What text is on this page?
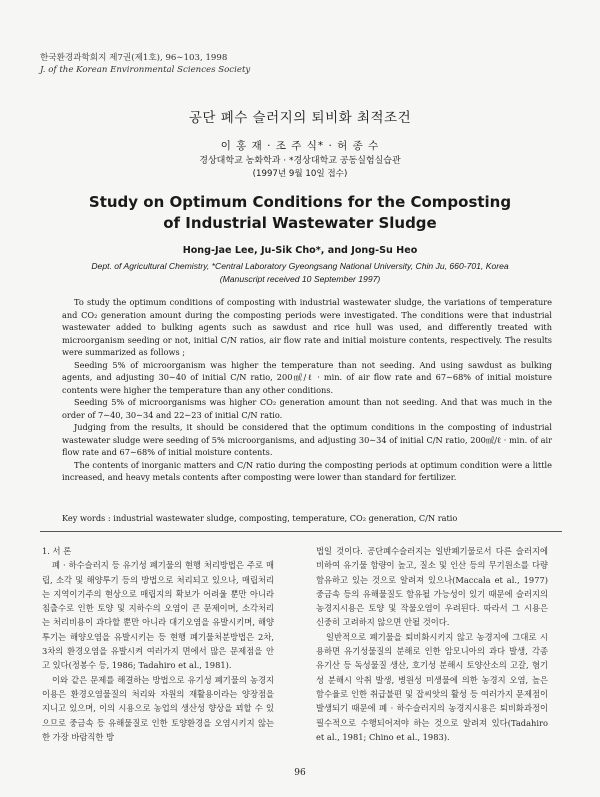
한국환경과학회지 제7권(제1호), 96∼103, 1998
J. of the Korean Environmental Sciences Society
공단 폐수 슬러지의 퇴비화 최적조건
이 홍 재 · 조 주 식* · 허 종 수
경상대학교 농화학과 · *경상대학교 공동실험실습관
(1997년 9월 10일 접수)
Study on Optimum Conditions for the Composting
of Industrial Wastewater Sludge
Hong-Jae Lee, Ju-Sik Cho*, and Jong-Su Heo
Dept. of Agricultural Chemistry, *Central Laboratory Gyeongsang National University, Chin Ju, 660-701, Korea
(Manuscript received 10 September 1997)

To study the optimum conditions of composting with industrial wastewater sludge, the variations of temperature and CO₂ generation amount during the composting periods were investigated. The conditions were that industrial wastewater added to bulking agents such as sawdust and rice hull was used, and differently treated with microorganism seeding or not, initial C/N ratios, air flow rate and initial moisture contents, respectively. The results were summarized as follows ;

Seeding 5% of microorganism was higher the temperature than not seeding. And using sawdust as bulking agents, and adjusting 30∼40 of initial C/N ratio, 200㎖/ℓ · min. of air flow rate and 67∼68% of initial moisture contents were higher the temperature than any other conditions.

Seeding 5% of microorganisms was higher CO₂ generation amount than not seeding. And that was much in the order of 7∼40, 30∼34 and 22∼23 of initial C/N ratio.

Judging from the results, it should be considered that the optimum conditions in the composting of industrial wastewater sludge were seeding of 5% microorganisms, and adjusting 30∼34 of initial C/N ratio, 200㎖/ℓ · min. of air flow rate and 67∼68% of initial moisture contents.

The contents of inorganic matters and C/N ratio during the composting periods at optimum condition were a little increased, and heavy metals contents after composting were lower than standard for fertilizer.

Key words : industrial wastewater sludge, composting, temperature, CO₂ generation, C/N ratio

1. 서 론

폐 · 하수슬러지 등 유기성 폐기물의 현행 처리방법은 주로 매립, 소각 및 해양투기 등의 방법으로 처리되고 있으나, 매립처리는 지역이기주의 현상으로 매립지의 확보가 어려울 뿐만 아니라 침출수로 인한 토양 및 지하수의 오염이 큰 문제이며, 소각처리는 처리비용이 과다할 뿐만 아니라 대기오염을 유발시키며, 해양투기는 해양오염을 유발시키는 등 현행 폐기물처분방법은 2차, 3차의 환경오염을 유발시켜 여러가지 면에서 많은 문제점을 안고 있다(정봉수 등, 1986; Tadahiro et al., 1981).

이와 같은 문제를 해결하는 방법으로 유기성 폐기물의 농경지이용은 환경오염물질의 처리와 자원의 재활용이라는 양장점을 지니고 있으며, 이의 시용으로 농업의 생산성 향상을 꾀할 수 있으므로 중금속 등 유해물질로 인한 토양환경을 오염시키지 않는 한 가장 바람직한 방

법일 것이다. 공단폐수슬러지는 일반폐기물로서 다른 슬러지에 비하여 유기물 함량이 높고, 질소 및 인산 등의 무기원소를 다량 함유하고 있는 것으로 알려져 있으나(Maccala et al., 1977) 중금속 등의 유해물질도 함유될 가능성이 있기 때문에 슬러지의 농경지시용은 토양 및 작물오염이 우려된다. 따라서 그 시용은 신중히 고려하지 않으면 안될 것이다.

일반적으로 폐기물을 퇴비화시키지 않고 농경지에 그대로 시용하면 유기성물질의 분해로 인한 암모니아의 과다 발생, 각종 유기산 등 독성물질 생산, 호기성 분해시 토양산소의 고갈, 혐기성 분해시 악취 발생, 병원성 미생물에 의한 농경지 오염, 높은 함수율로 인한 취급불편 및 잡씨앗의 활성 등 여러가지 문제점이 발생되기 때문에 폐 · 하수슬러지의 농경지시용은 퇴비화과정이 필수적으로 수행되어져야 하는 것으로 알려져 있다(Tadahiro et al., 1981; Chino et al., 1983).

96
